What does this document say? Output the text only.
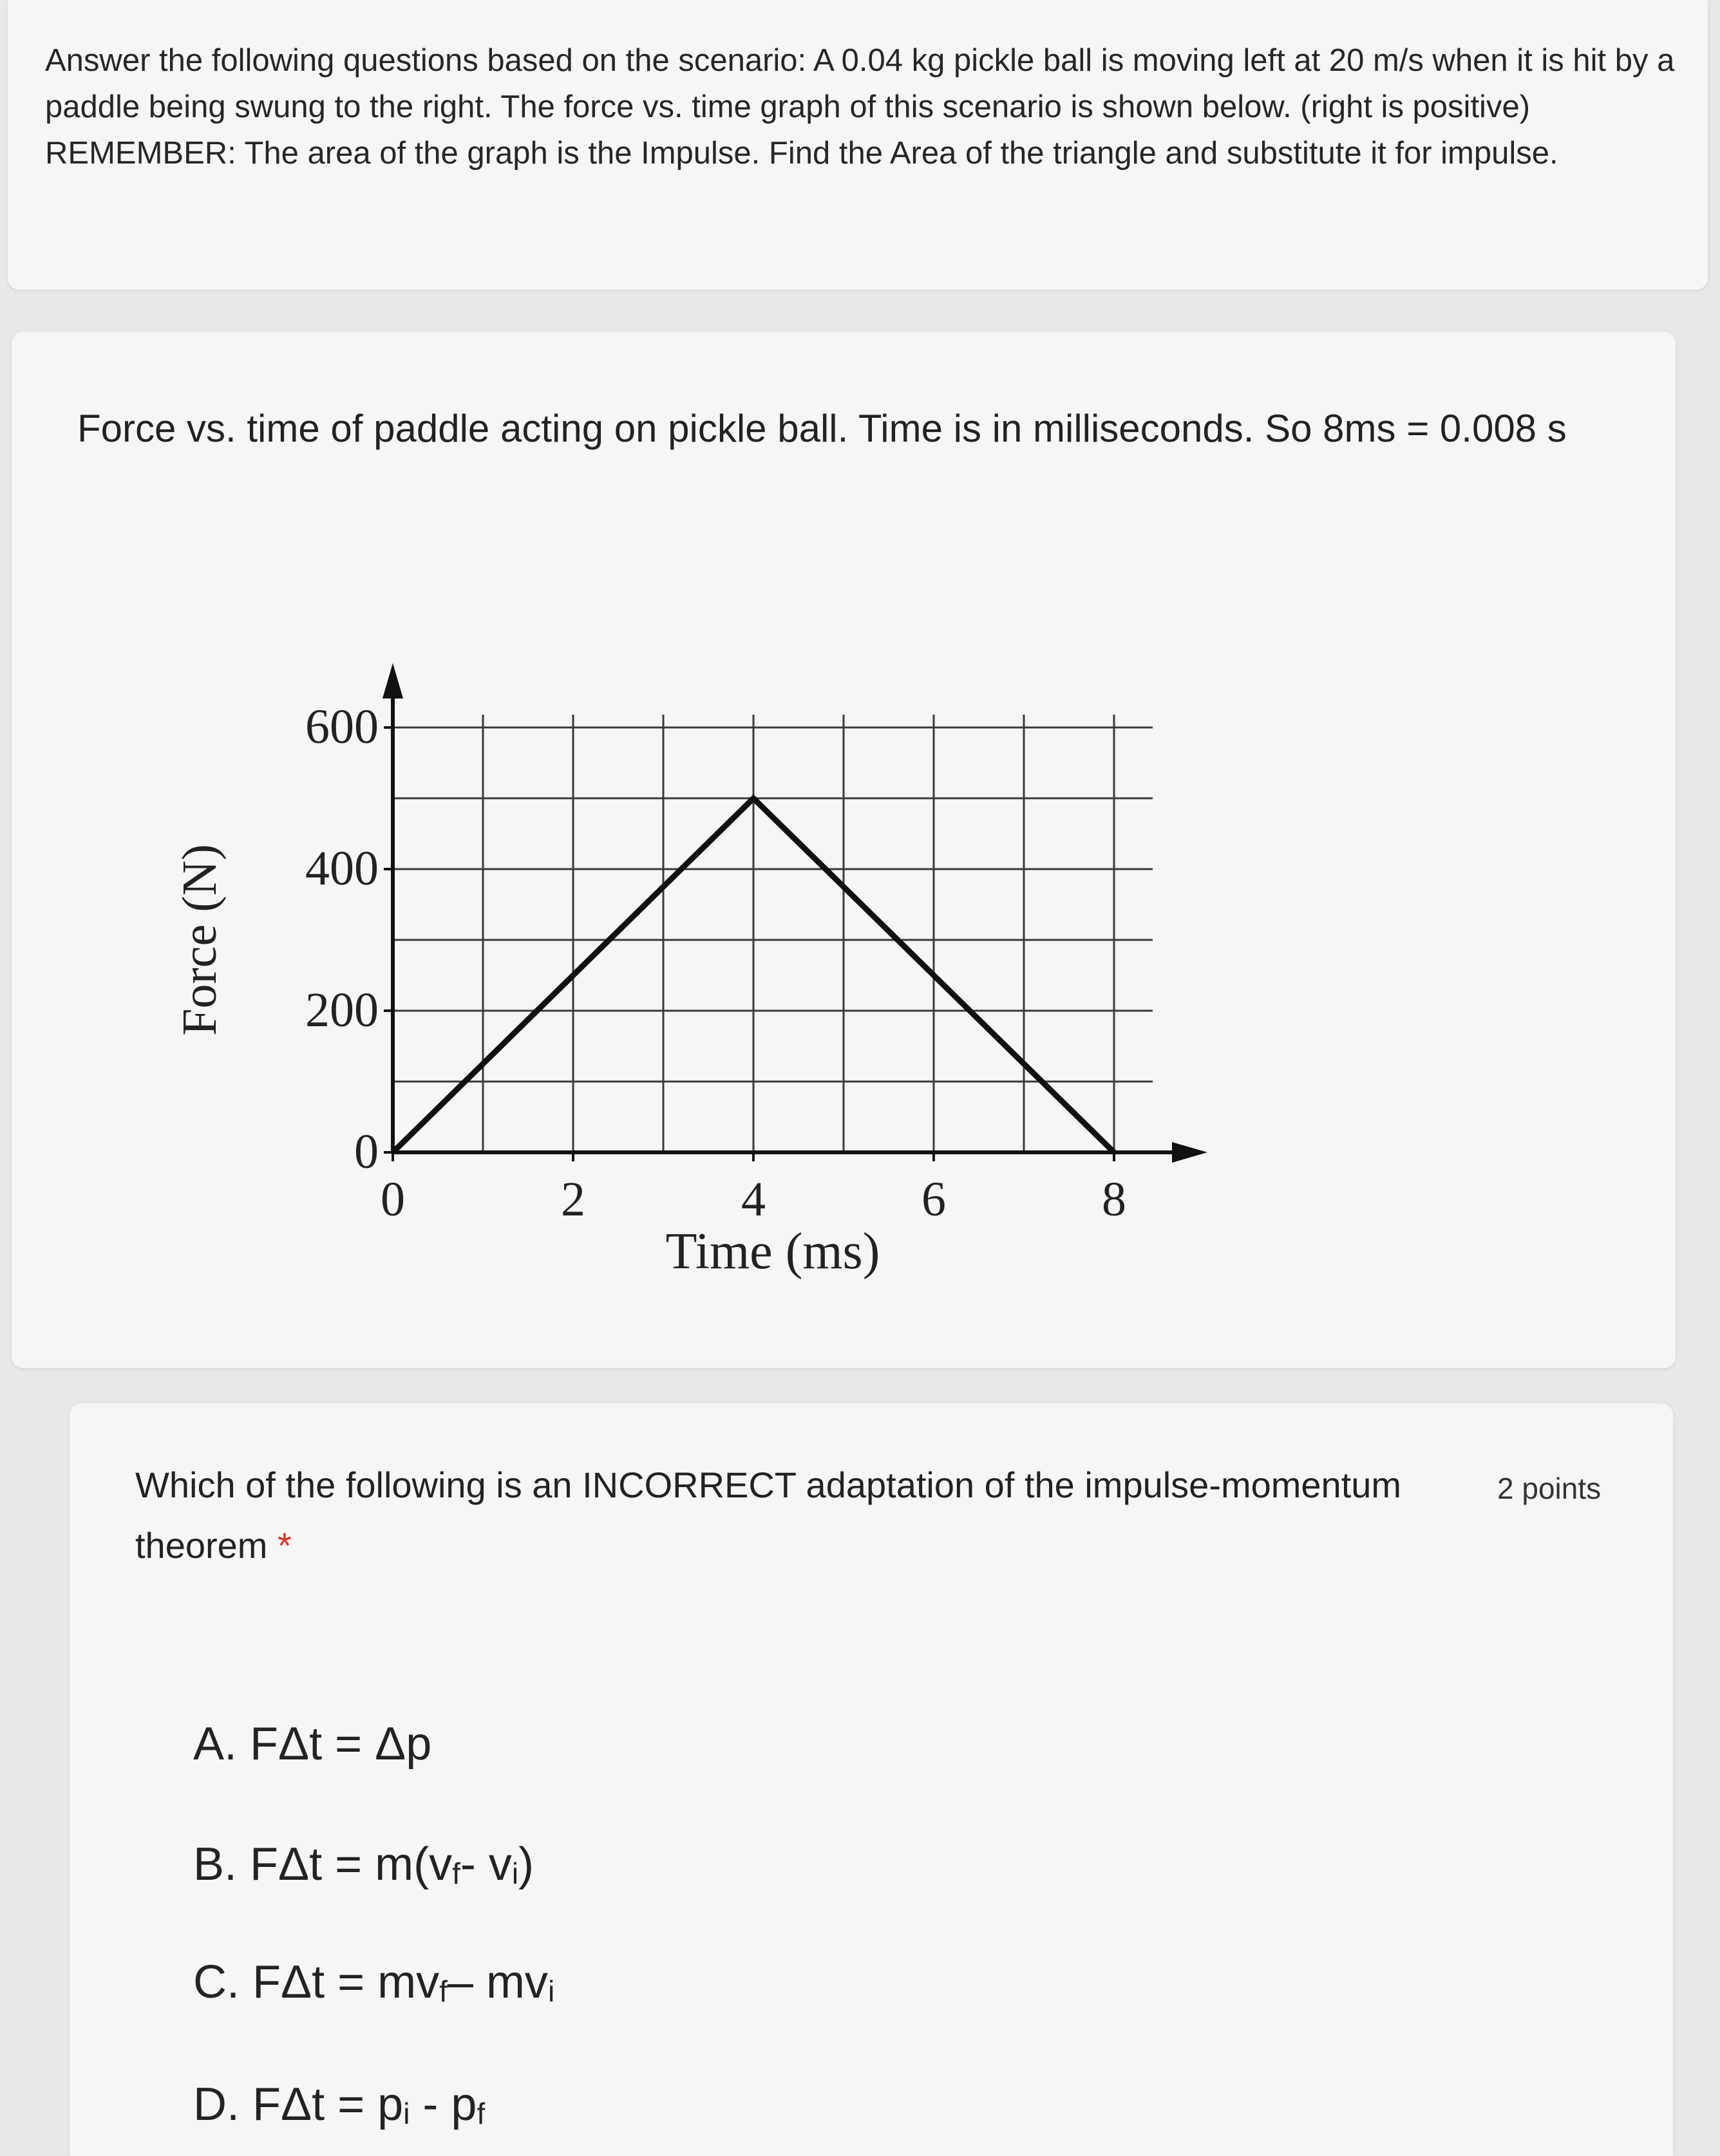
Answer the following questions based on the scenario: A 0.04 kg pickle ball is moving left at 20 m/s when it is hit by a paddle being swung to the right. The force vs. time graph of this scenario is shown below. (right is positive) REMEMBER: The area of the graph is the Impulse. Find the Area of the triangle and substitute it for impulse.
Force vs. time of paddle acting on pickle ball. Time is in milliseconds. So 8ms = 0.008 s
0
200
400
600
0	2	4	6	8
Time (ms)
Force (N)
Which of the following is an INCORRECT adaptation of the impulse-momentum theorem *
2 points
A. FΔt = Δp
B. $F\Delta t = m(v_f-$ $v_i$)
C. $F\Delta t = mv_f-$ $mv_i$
D. $F\Delta t = p_i - p_f$
